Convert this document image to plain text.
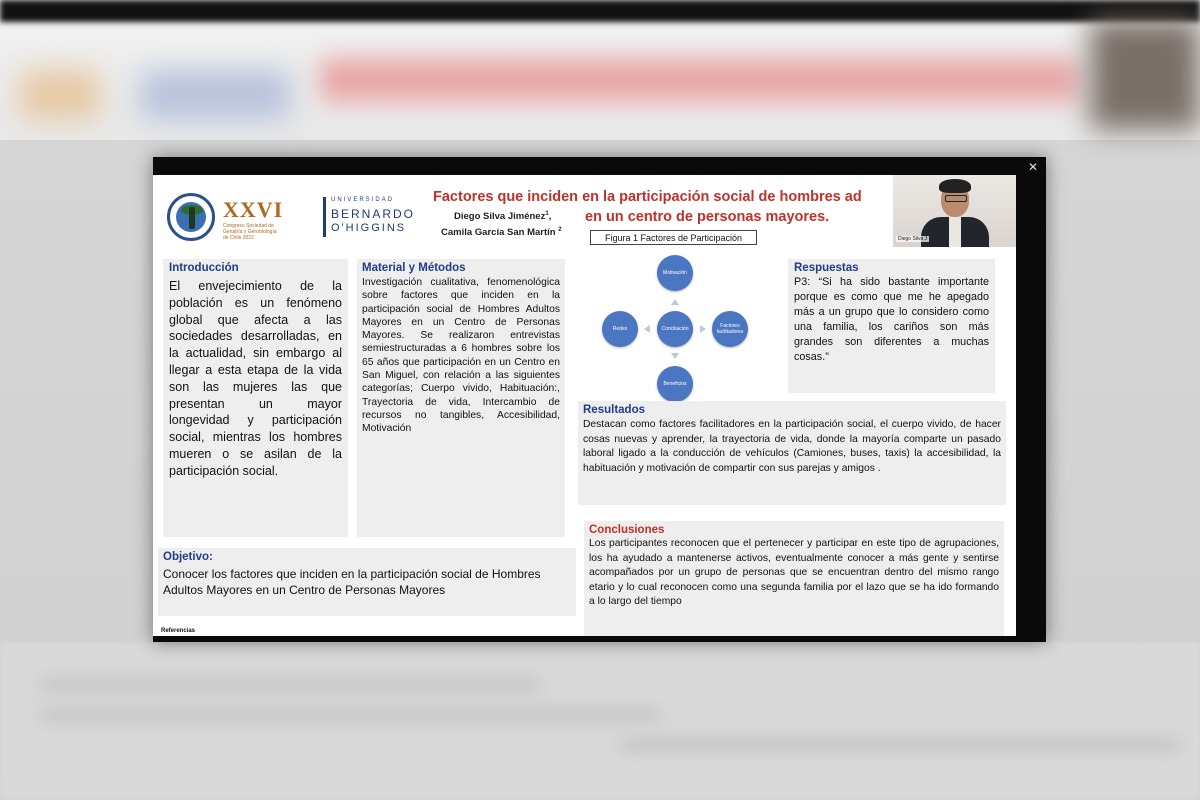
✕
XXVI
Congreso Sociedad de
Geriatría y Gerontología
de Chile 2022
UNIVERSIDAD
BERNARDO
O'HIGGINS
Factores que inciden en la participación social de hombres ad
en un centro de personas mayores.
Diego Silva Jiménez$^1$,
Camila García San Martín $^2$
Figura 1 Factores de Participación	Diego Silva J
Motivación
Conciliación	Factores facilitadores
Beneficios
Redes
Introducción
El envejecimiento de la población es un fenómeno global que afecta a las sociedades desarrolladas, en la actualidad, sin embargo al llegar a esta etapa de la vida son las mujeres las que presentan un mayor longevidad y participación social, mientras los hombres mueren o se asilan de la participación social.
Material y Métodos
Investigación cualitativa, fenomenológica sobre factores que inciden en la participación social de Hombres Adultos Mayores en un Centro de Personas Mayores. Se realizaron entrevistas semiestructuradas a 6 hombres sobre los 65 años que participación en un Centro en San Miguel, con relación a las siguientes categorías; Cuerpo vivido, Habituación:, Trayectoria de vida, Intercambio de recursos no tangibles, Accesibilidad, Motivación
Objetivo:
Conocer los factores que inciden en la participación social de Hombres Adultos Mayores en un Centro de Personas Mayores
Referencias
Respuestas
P3: “Si ha sido bastante importante porque es como que me he apegado más a un grupo que lo considero como una familia, los cariños son más grandes son diferentes a muchas cosas.”
Resultados
Destacan como factores facilitadores en la participación social, el cuerpo vivido, de hacer cosas nuevas y aprender, la trayectoria de vida, donde la mayoría comparte un pasado laboral ligado a la conducción de vehículos (Camiones, buses, taxis) la accesibilidad, la habituación y motivación de compartir con sus parejas y amigos .
Conclusiones
Los participantes reconocen que el pertenecer y participar en este tipo de agrupaciones, los ha ayudado a mantenerse activos, eventualmente conocer a más gente y sentirse acompañados por un grupo de personas que se encuentran dentro del mismo rango etario y lo cual reconocen como una segunda familia por el lazo que se ha ido formando a lo largo del tiempo
